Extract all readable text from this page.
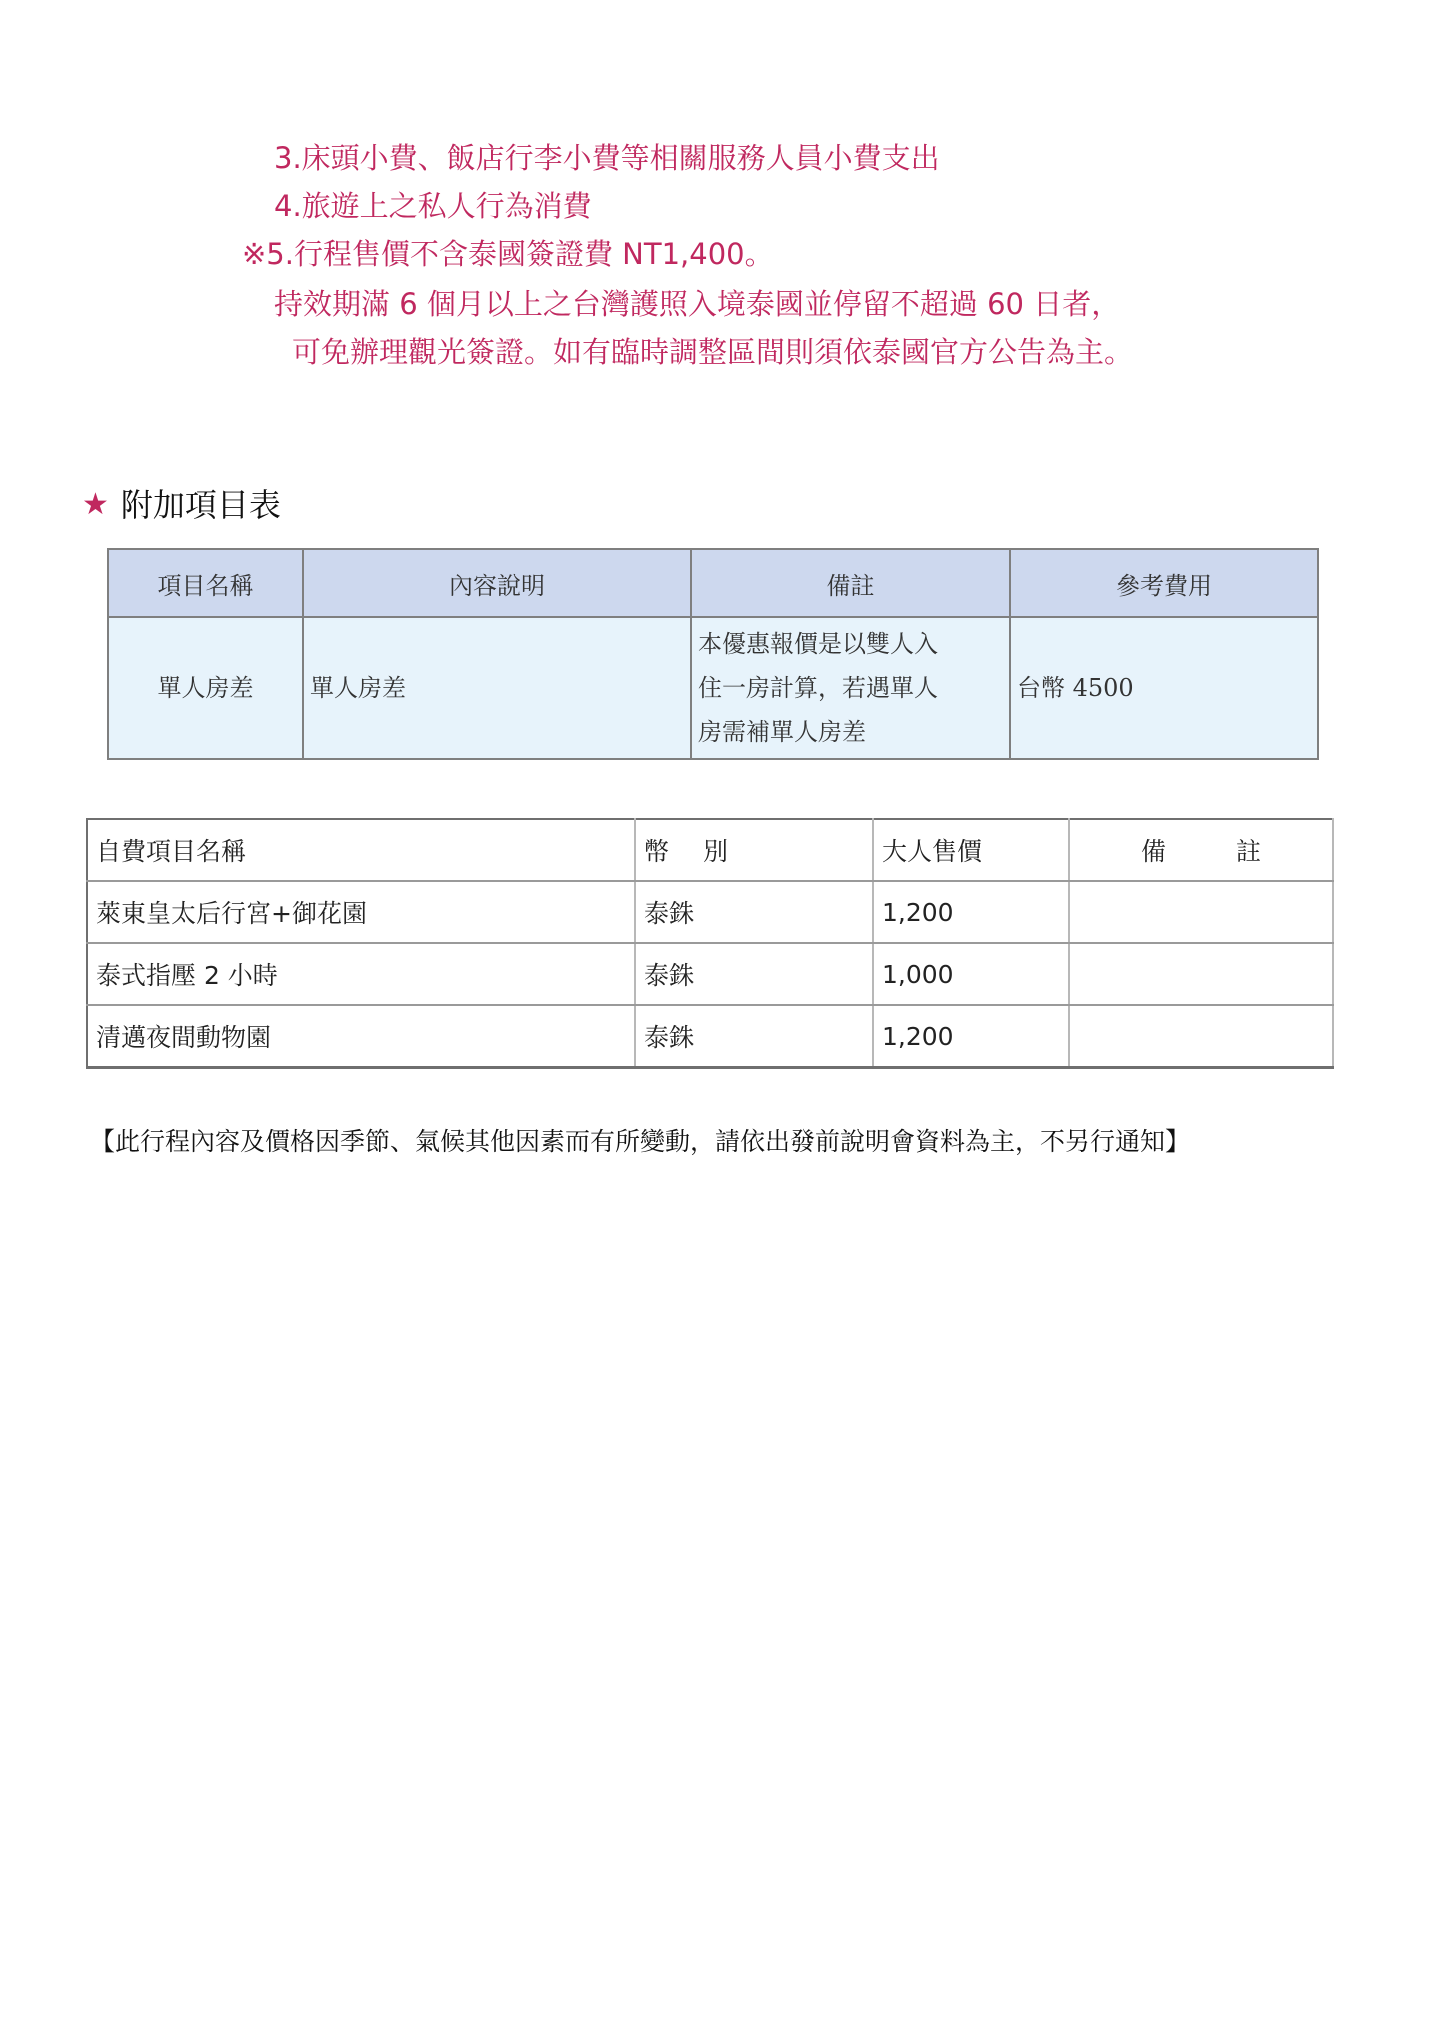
3.床頭小費、飯店行李小費等相關服務人員小費支出
4.旅遊上之私人行為消費
※5.行程售價不含泰國簽證費 NT1,400。
持效期滿 6 個月以上之台灣護照入境泰國並停留不超過 60 日者，
可免辦理觀光簽證。如有臨時調整區間則須依泰國官方公告為主。
★ 附加項目表
項目名稱	內容說明	備註	參考費用
單人房差	單人房差	本優惠報價是以雙人入
住一房計算，若遇單人
房需補單人房差	台幣 4500
自費項目名稱	幣 別	大人售價	備 註
萊東皇太后行宮+御花園	泰銖	1,200	
泰式指壓 2 小時	泰銖	1,000	
清邁夜間動物園	泰銖	1,200	
【此行程內容及價格因季節、氣候其他因素而有所變動，請依出發前說明會資料為主，不另行通知】
